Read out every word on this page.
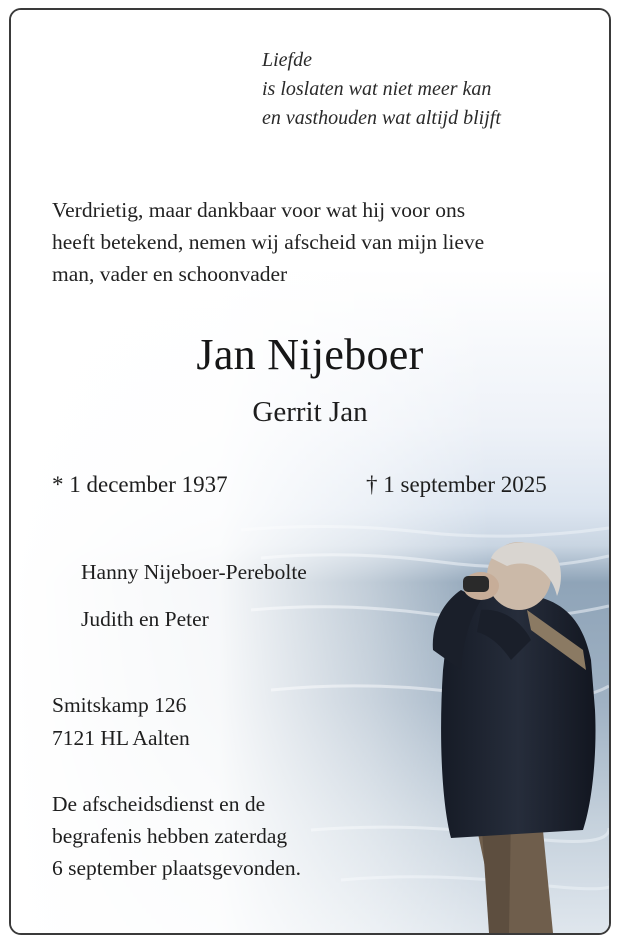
Liefde
is loslaten wat niet meer kan
en vasthouden wat altijd blijft
Verdrietig, maar dankbaar voor wat hij voor ons
heeft betekend, nemen wij afscheid van mijn lieve
man, vader en schoonvader
Jan Nijeboer
Gerrit Jan
* 1 december 1937	† 1 september 2025
Hanny Nijeboer-Perebolte
Judith en Peter
Smitskamp 126
7121 HL Aalten
De afscheidsdienst en de
begrafenis hebben zaterdag
6 september plaatsgevonden.
